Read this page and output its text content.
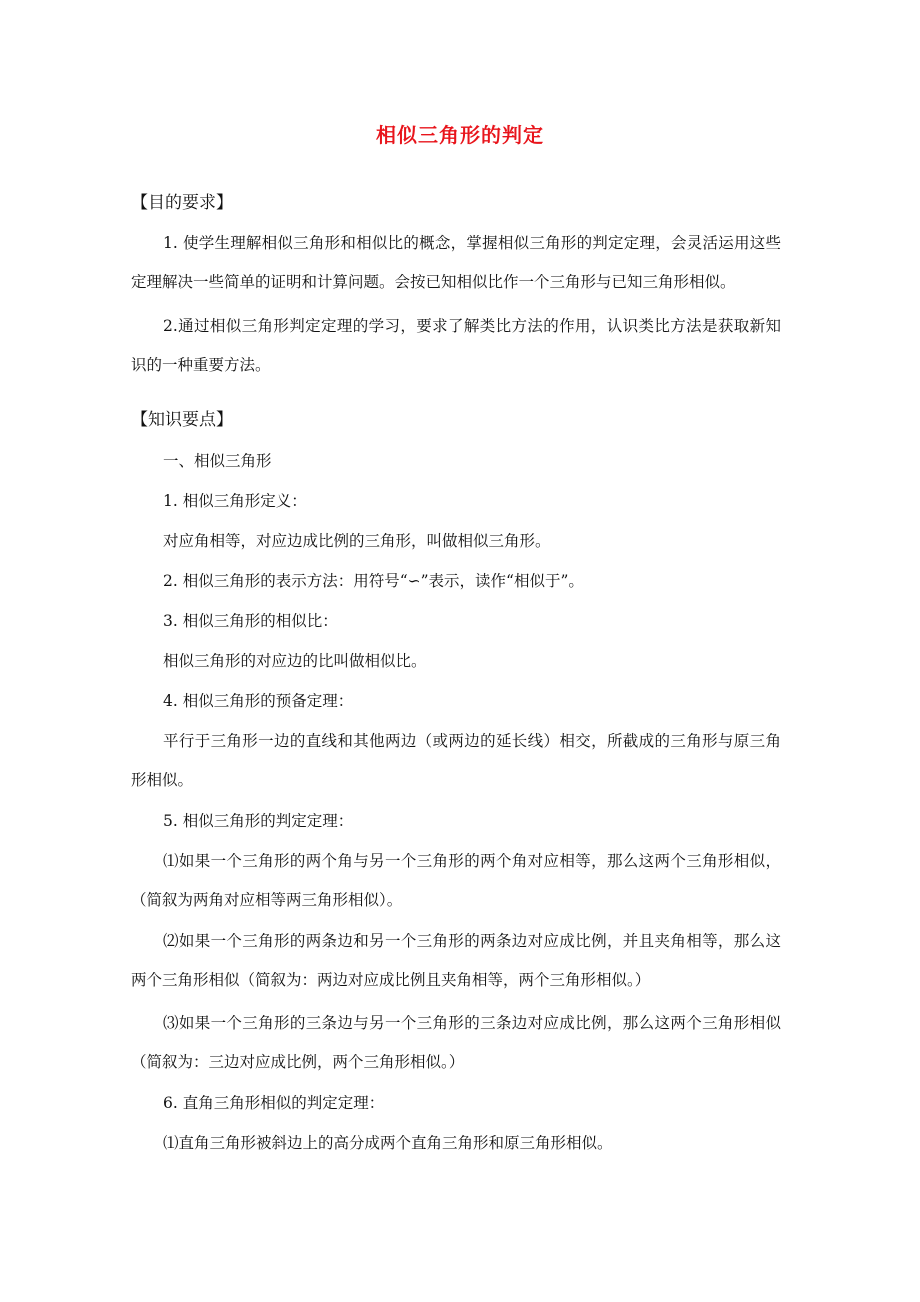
相似三角形的判定
【目的要求】
1. 使学生理解相似三角形和相似比的概念，掌握相似三角形的判定定理，会灵活运用这些定理解决一些简单的证明和计算问题。会按已知相似比作一个三角形与已知三角形相似。
2.通过相似三角形判定定理的学习，要求了解类比方法的作用，认识类比方法是获取新知识的一种重要方法。
【知识要点】
一、相似三角形
1. 相似三角形定义：
对应角相等，对应边成比例的三角形，叫做相似三角形。
2. 相似三角形的表示方法：用符号“∽”表示，读作“相似于”。
3. 相似三角形的相似比：
相似三角形的对应边的比叫做相似比。
4. 相似三角形的预备定理：
平行于三角形一边的直线和其他两边（或两边的延长线）相交，所截成的三角形与原三角形相似。
5. 相似三角形的判定定理：
⑴如果一个三角形的两个角与另一个三角形的两个角对应相等，那么这两个三角形相似，（简叙为两角对应相等两三角形相似）。
⑵如果一个三角形的两条边和另一个三角形的两条边对应成比例，并且夹角相等，那么这两个三角形相似（简叙为：两边对应成比例且夹角相等，两个三角形相似。）
⑶如果一个三角形的三条边与另一个三角形的三条边对应成比例，那么这两个三角形相似（简叙为：三边对应成比例，两个三角形相似。）
6. 直角三角形相似的判定定理：
⑴直角三角形被斜边上的高分成两个直角三角形和原三角形相似。
